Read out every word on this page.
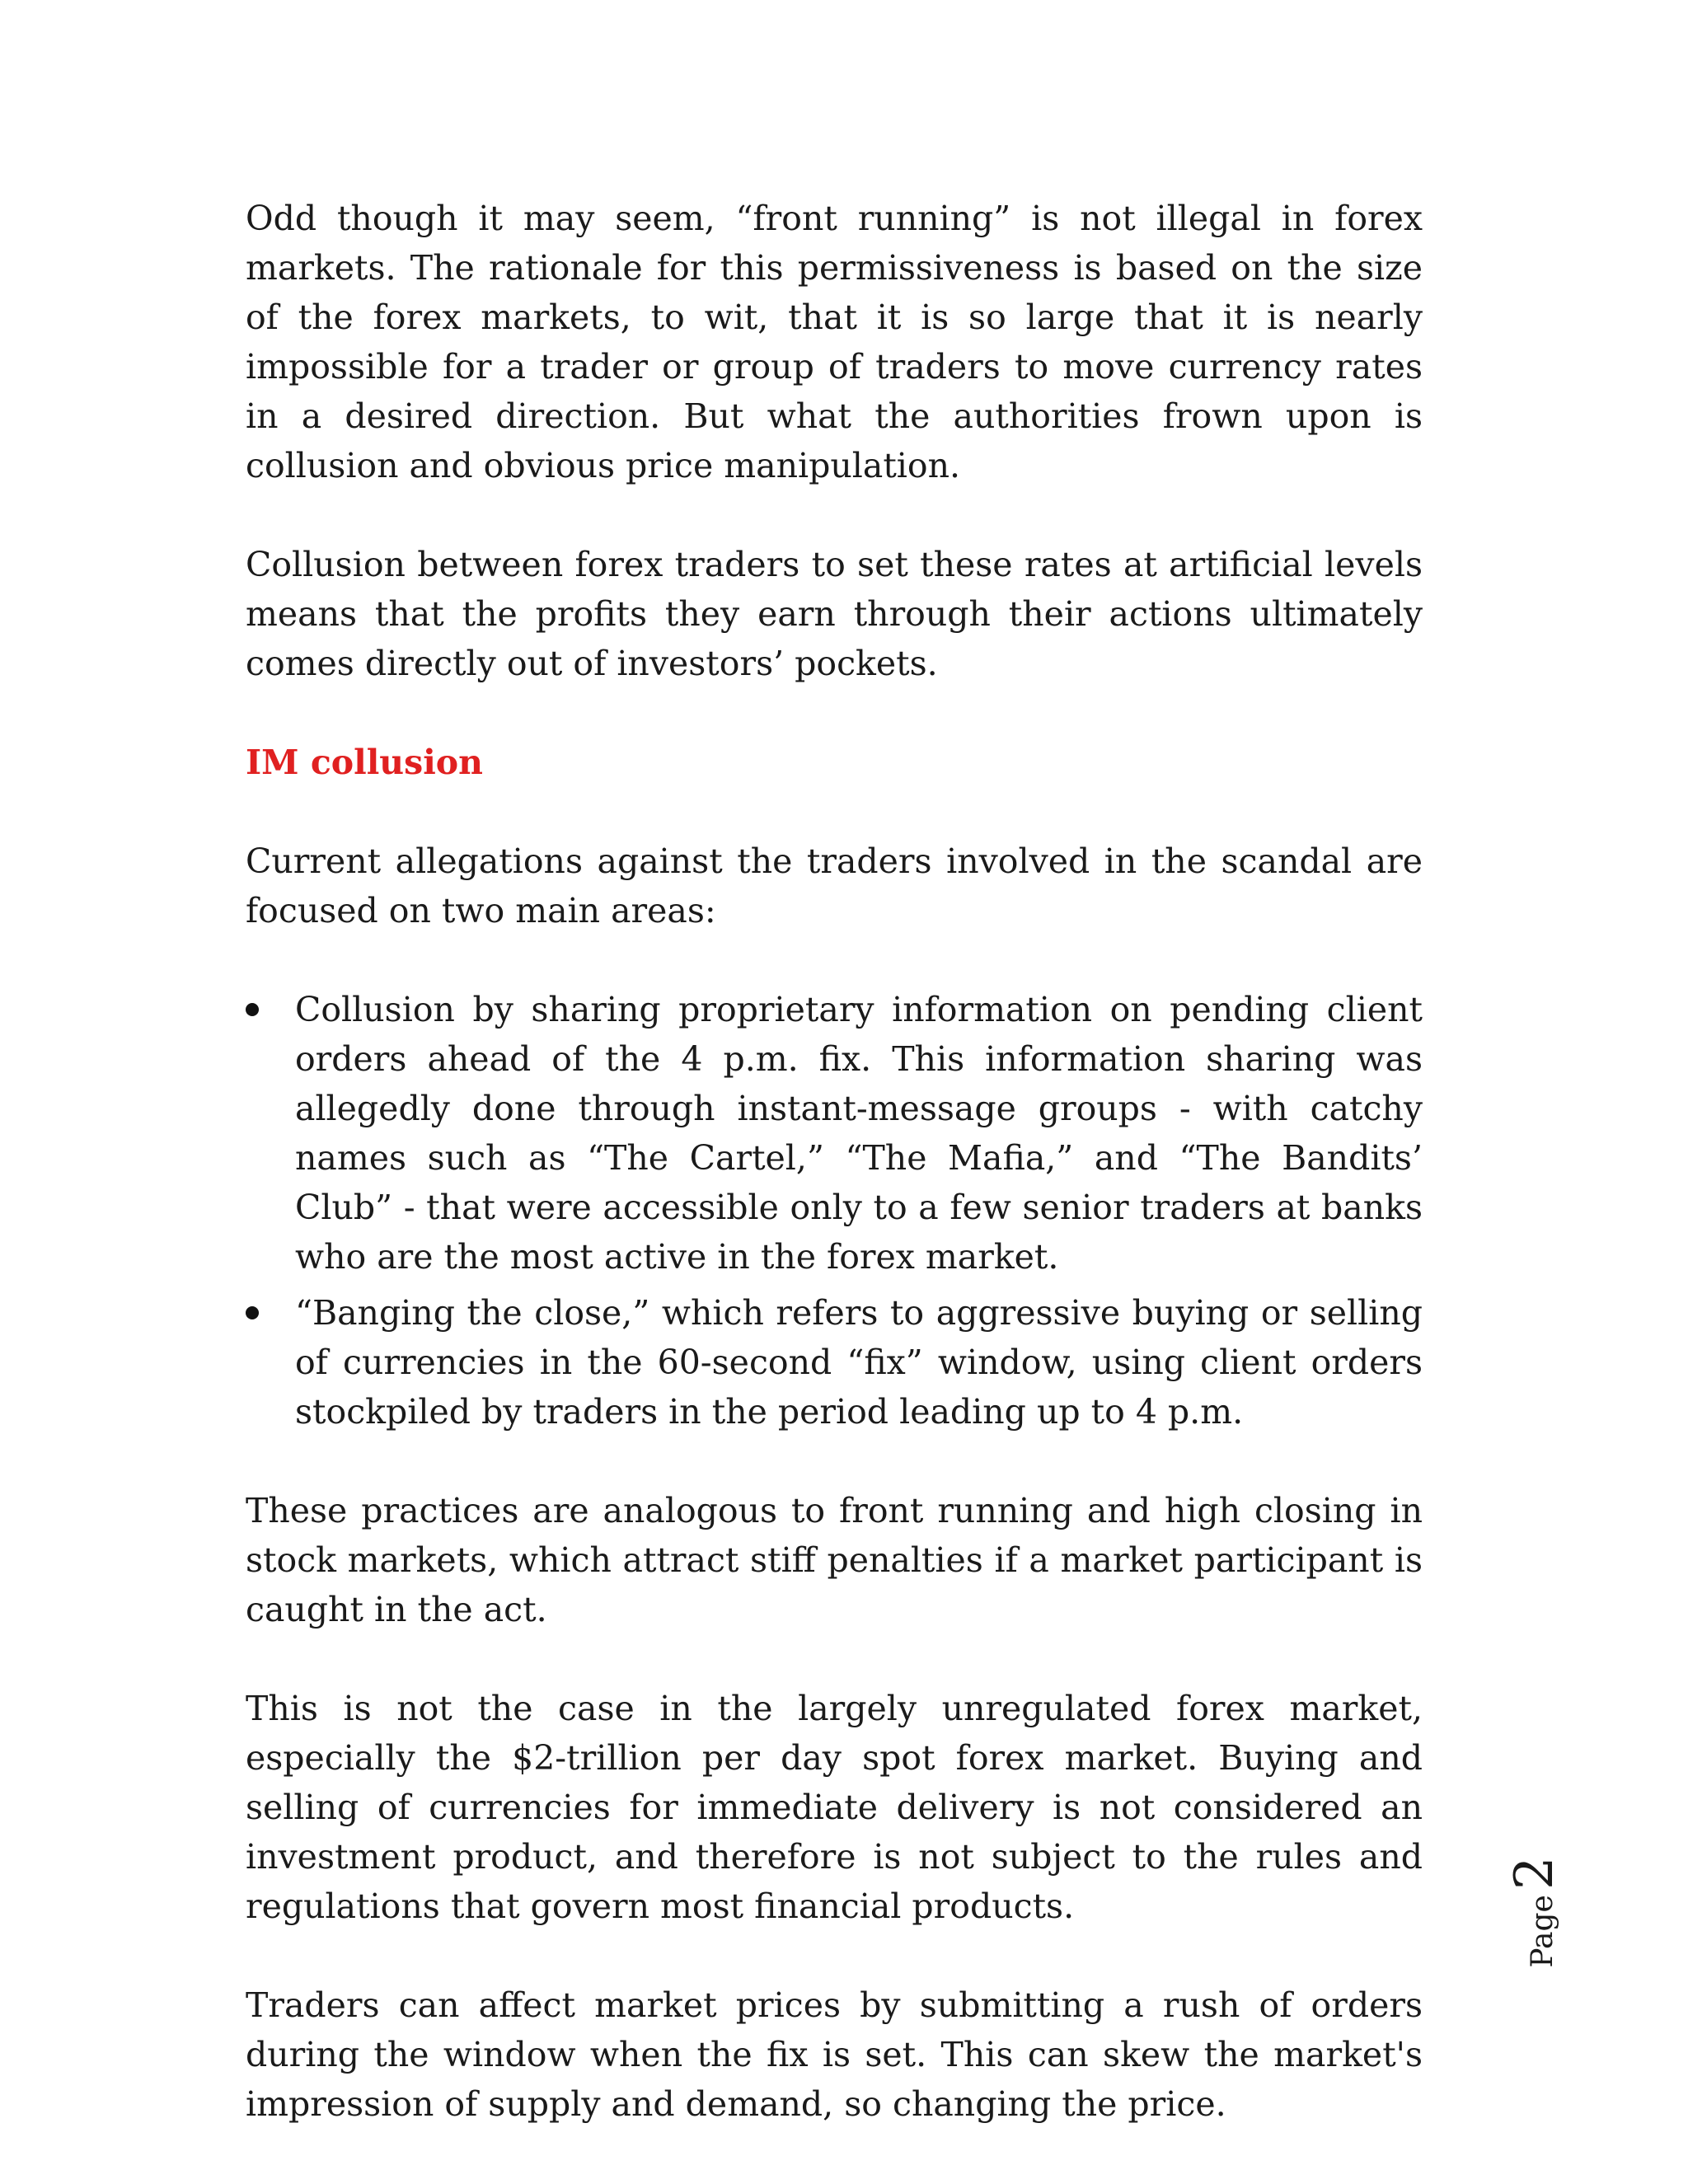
Odd though it may seem, “front running” is not illegal in forex markets. The rationale for this permissiveness is based on the size of the forex markets, to wit, that it is so large that it is nearly impossible for a trader or group of traders to move currency rates in a desired direction. But what the authorities frown upon is collusion and obvious price manipulation.

Collusion between forex traders to set these rates at artificial levels means that the profits they earn through their actions ultimately comes directly out of investors’ pockets.

IM collusion

Current allegations against the traders involved in the scandal are focused on two main areas:

Collusion by sharing proprietary information on pending client orders ahead of the 4 p.m. fix. This information sharing was allegedly done through instant-message groups - with catchy names such as “The Cartel,” “The Mafia,” and “The Bandits’ Club” - that were accessible only to a few senior traders at banks who are the most active in the forex market.
“Banging the close,” which refers to aggressive buying or selling of currencies in the 60-second “fix” window, using client orders stockpiled by traders in the period leading up to 4 p.m.

These practices are analogous to front running and high closing in stock markets, which attract stiff penalties if a market participant is caught in the act.

This is not the case in the largely unregulated forex market, especially the $2-trillion per day spot forex market. Buying and selling of currencies for immediate delivery is not considered an investment product, and therefore is not subject to the rules and regulations that govern most financial products.

Traders can affect market prices by submitting a rush of orders during the window when the fix is set. This can skew the market's impression of supply and demand, so changing the price.

Page
2
